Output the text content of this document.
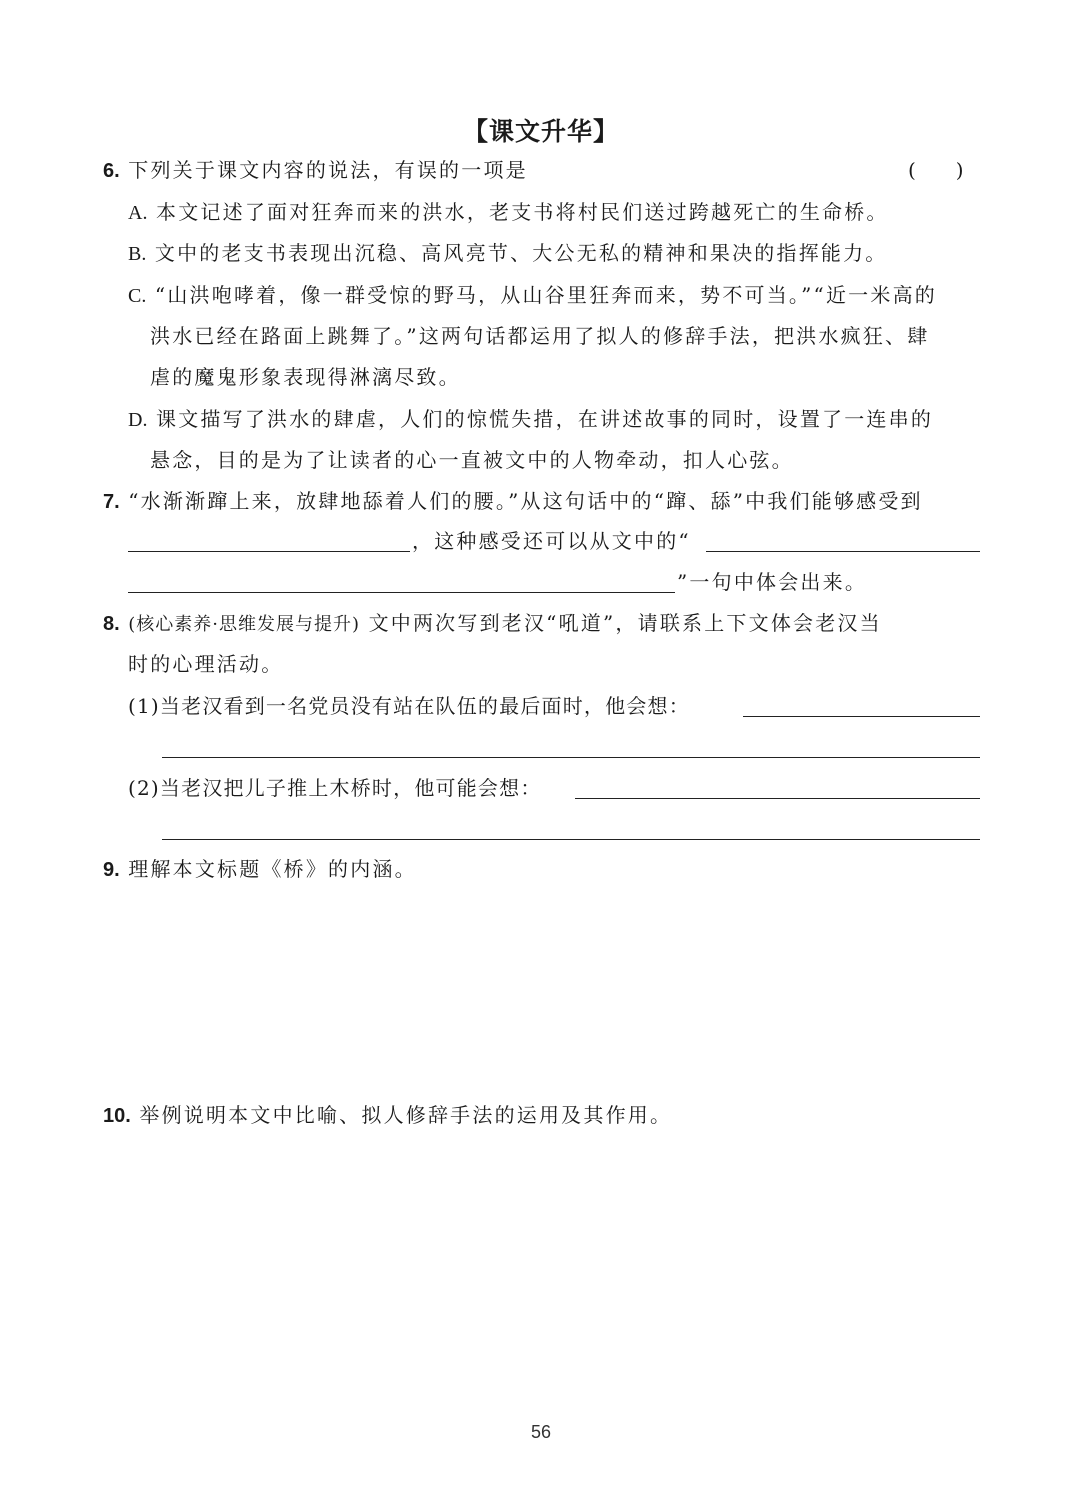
【课文升华】
6. 下列关于课文内容的说法，有误的一项是	(　　)
A. 本文记述了面对狂奔而来的洪水，老支书将村民们送过跨越死亡的生命桥。
B. 文中的老支书表现出沉稳、高风亮节、大公无私的精神和果决的指挥能力。
C. “山洪咆哮着，像一群受惊的野马，从山谷里狂奔而来，势不可当。”“近一米高的
洪水已经在路面上跳舞了。”这两句话都运用了拟人的修辞手法，把洪水疯狂、肆
虐的魔鬼形象表现得淋漓尽致。
D. 课文描写了洪水的肆虐，人们的惊慌失措，在讲述故事的同时，设置了一连串的
悬念，目的是为了让读者的心一直被文中的人物牵动，扣人心弦。
7. “水渐渐蹿上来，放肆地舔着人们的腰。”从这句话中的“蹿、舔”中我们能够感受到
，这种感受还可以从文中的“
”一句中体会出来。
8. (核心素养·思维发展与提升) 文中两次写到老汉“吼道”，请联系上下文体会老汉当
时的心理活动。
(1)当老汉看到一名党员没有站在队伍的最后面时，他会想：
(2)当老汉把儿子推上木桥时，他可能会想：
9. 理解本文标题《桥》的内涵。
10. 举例说明本文中比喻、拟人修辞手法的运用及其作用。
56
